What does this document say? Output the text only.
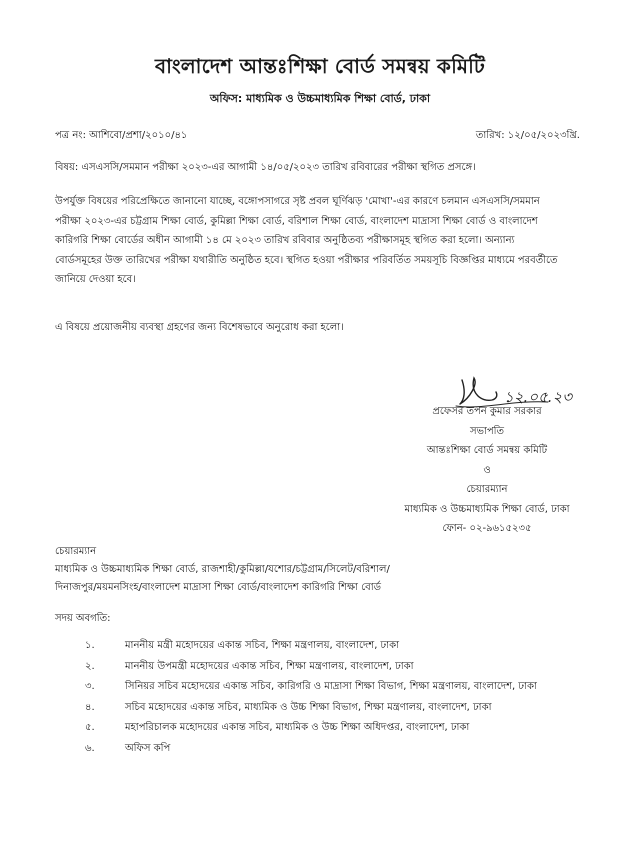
বাংলাদেশ আন্তঃশিক্ষা বোর্ড সমন্বয় কমিটি
অফিস: মাধ্যমিক ও উচ্চমাধ্যমিক শিক্ষা বোর্ড, ঢাকা
পত্র নং: আশিবো/প্রশা/২০১০/৪১	তারিখ: ১২/০৫/২০২৩খ্রি.
বিষয়: এসএসসি/সমমান পরীক্ষা ২০২৩-এর আগামী ১৪/০৫/২০২৩ তারিখ রবিবারের পরীক্ষা স্থগিত প্রসঙ্গে।
উপর্যুক্ত বিষয়ের পরিপ্রেক্ষিতে জানানো যাচ্ছে, বঙ্গোপসাগরে সৃষ্ট প্রবল ঘূর্ণিঝড় 'মোখা'-এর কারণে চলমান এসএসসি/সমমান
পরীক্ষা ২০২৩-এর চট্টগ্রাম শিক্ষা বোর্ড, কুমিল্লা শিক্ষা বোর্ড, বরিশাল শিক্ষা বোর্ড, বাংলাদেশ মাদ্রাসা শিক্ষা বোর্ড ও বাংলাদেশ
কারিগরি শিক্ষা বোর্ডের অধীন আগামী ১৪ মে ২০২৩ তারিখ রবিবার অনুষ্ঠিতব্য পরীক্ষাসমূহ স্থগিত করা হলো। অন্যান্য
বোর্ডসমূহের উক্ত তারিখের পরীক্ষা যথারীতি অনুষ্ঠিত হবে। স্থগিত হওয়া পরীক্ষার পরিবর্তিত সময়সূচি বিজ্ঞপ্তির মাধ্যমে পরবর্তীতে
জানিয়ে দেওয়া হবে।
এ বিষয়ে প্রয়োজনীয় ব্যবস্থা গ্রহণের জন্য বিশেষভাবে অনুরোধ করা হলো।
১২.০৫.২৩
প্রফেসর তপন কুমার সরকার
সভাপতি
আন্তঃশিক্ষা বোর্ড সমন্বয় কমিটি
ও
চেয়ারম্যান
মাধ্যমিক ও উচ্চমাধ্যমিক শিক্ষা বোর্ড, ঢাকা
ফোন- ০২-৯৬১৫২৩৫
চেয়ারম্যান
মাধ্যমিক ও উচ্চমাধ্যমিক শিক্ষা বোর্ড, রাজশাহী/কুমিল্লা/যশোর/চট্টগ্রাম/সিলেট/বরিশাল/
দিনাজপুর/ময়মনসিংহ/বাংলাদেশ মাদ্রাসা শিক্ষা বোর্ড/বাংলাদেশ কারিগরি শিক্ষা বোর্ড
সদয় অবগতি:
১.	মাননীয় মন্ত্রী মহোদয়ের একান্ত সচিব, শিক্ষা মন্ত্রণালয়, বাংলাদেশ, ঢাকা
২.	মাননীয় উপমন্ত্রী মহোদয়ের একান্ত সচিব, শিক্ষা মন্ত্রণালয়, বাংলাদেশ, ঢাকা
৩.	সিনিয়র সচিব মহোদয়ের একান্ত সচিব, কারিগরি ও মাদ্রাসা শিক্ষা বিভাগ, শিক্ষা মন্ত্রণালয়, বাংলাদেশ, ঢাকা
৪.	সচিব মহোদয়ের একান্ত সচিব, মাধ্যমিক ও উচ্চ শিক্ষা বিভাগ, শিক্ষা মন্ত্রণালয়, বাংলাদেশ, ঢাকা
৫.	মহাপরিচালক মহোদয়ের একান্ত সচিব, মাধ্যমিক ও উচ্চ শিক্ষা অধিদপ্তর, বাংলাদেশ, ঢাকা
৬.	অফিস কপি
